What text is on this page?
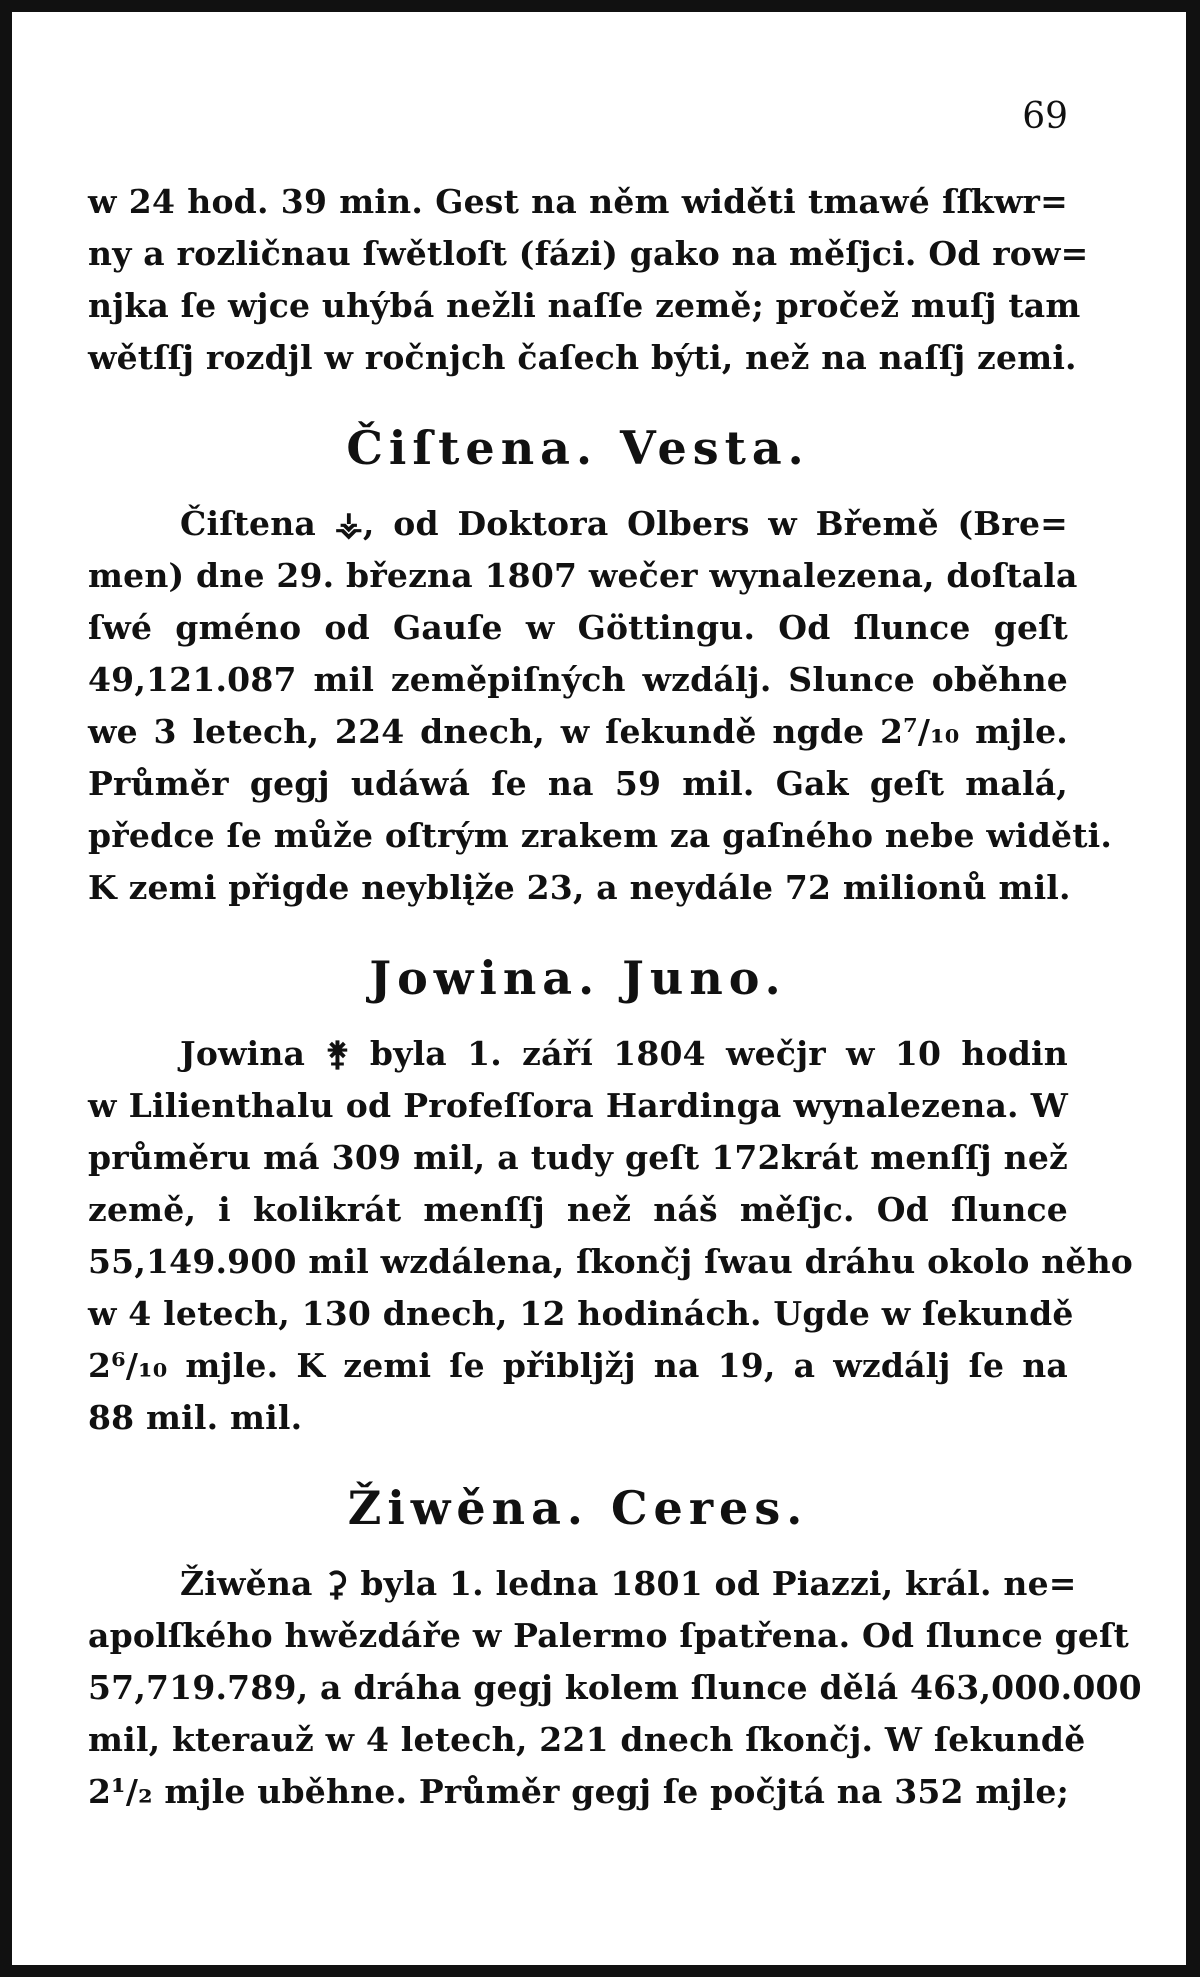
69
w 24 hod. 39 min. Gest na něm widěti tmawé ſſkwr=
ny a rozličnau ſwětloſt (fázi) gako na měſjci. Od row=
njka ſe wjce uhýbá nežli naſſe země; pročež muſj tam
wětſſj rozdjl w ročnjch čaſech býti, než na naſſj zemi.
Čiſtena. Vesta.
Čiſtena ⚶, od Doktora Olbers w Břemě (Bre=
men) dne 29. března 1807 wečer wynalezena, doſtala
ſwé gméno od Gauſe w Göttingu. Od ſlunce geſt
49,121.087 mil zeměpiſných wzdálj. Slunce oběhne
we 3 letech, 224 dnech, w ſekundě ngde 2⁷/₁₀ mjle.
Průměr gegj udáwá ſe na 59 mil. Gak geſt malá,
předce ſe může oſtrým zrakem za gaſného nebe widěti.
K zemi přigde neyblįže 23, a neydále 72 milionů mil.
Jowina. Juno.
Jowina ⚵ byla 1. září 1804 wečjr w 10 hodin
w Lilienthalu od Profeſſora Hardinga wynalezena. W
průměru má 309 mil, a tudy geſt 172krát menſſj než
země, i kolikrát menſſj než náš měſjc. Od ſlunce
55,149.900 mil wzdálena, ſkončj ſwau dráhu okolo něho
w 4 letech, 130 dnech, 12 hodinách. Ugde w ſekundě
2⁶/₁₀ mjle. K zemi ſe přibljžj na 19, a wzdálj ſe na
88 mil. mil.
Žiwěna. Ceres.
Žiwěna ⚳ byla 1. ledna 1801 od Piazzi, král. ne=
apolſkého hwězdáře w Palermo ſpatřena. Od ſlunce geſt
57,719.789, a dráha gegj kolem ſlunce dělá 463,000.000
mil, kterauž w 4 letech, 221 dnech ſkončj. W ſekundě
2¹/₂ mjle uběhne. Průměr gegj ſe počjtá na 352 mjle;
